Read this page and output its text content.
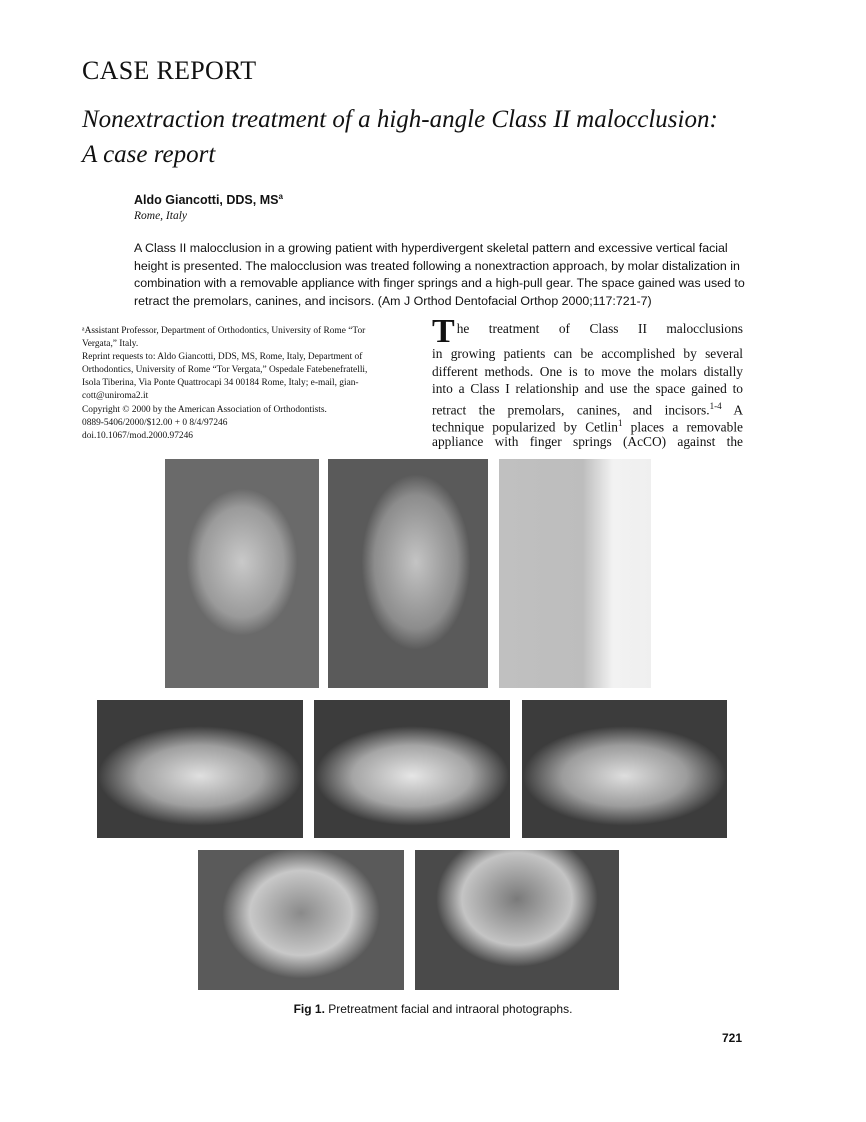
CASE REPORT
Nonextraction treatment of a high-angle Class II malocclusion:
A case report
Aldo Giancotti, DDS, $MS^a$
Rome, Italy
A Class II malocclusion in a growing patient with hyperdivergent skeletal pattern and excessive vertical facial
height is presented. The malocclusion was treated following a nonextraction approach, by molar distalization in
combination with a removable appliance with finger springs and a high-pull gear. The space gained was used to
retract the premolars, canines, and incisors. (Am J Orthod Dentofacial Orthop 2000;117:721-7)
ᵃAssistant Professor, Department of Orthodontics, University of Rome “Tor
Vergata,” Italy.
Reprint requests to: Aldo Giancotti, DDS, MS, Rome, Italy, Department of
Orthodontics, University of Rome “Tor Vergata,” Ospedale Fatebenefratelli,
Isola Tiberina, Via Ponte Quattrocapi 34 00184 Rome, Italy; e-mail, gian-
cott@uniroma2.it
Copyright © 2000 by the American Association of Orthodontists.
0889-5406/2000/$12.00 + 0 8/4/97246
doi.10.1067/mod.2000.97246
T he treatment of Class II malocclusions
in growing patients can be accomplished by several
different methods. One is to move the molars distally
into a Class I relationship and use the space gained to
retract the premolars, canines, and incisors.$^{1-4}$ A
technique popularized by Cetlin$^1$ places a removable
appliance with finger springs (AcCO) against the
Fig 1. Pretreatment facial and intraoral photographs.
721
